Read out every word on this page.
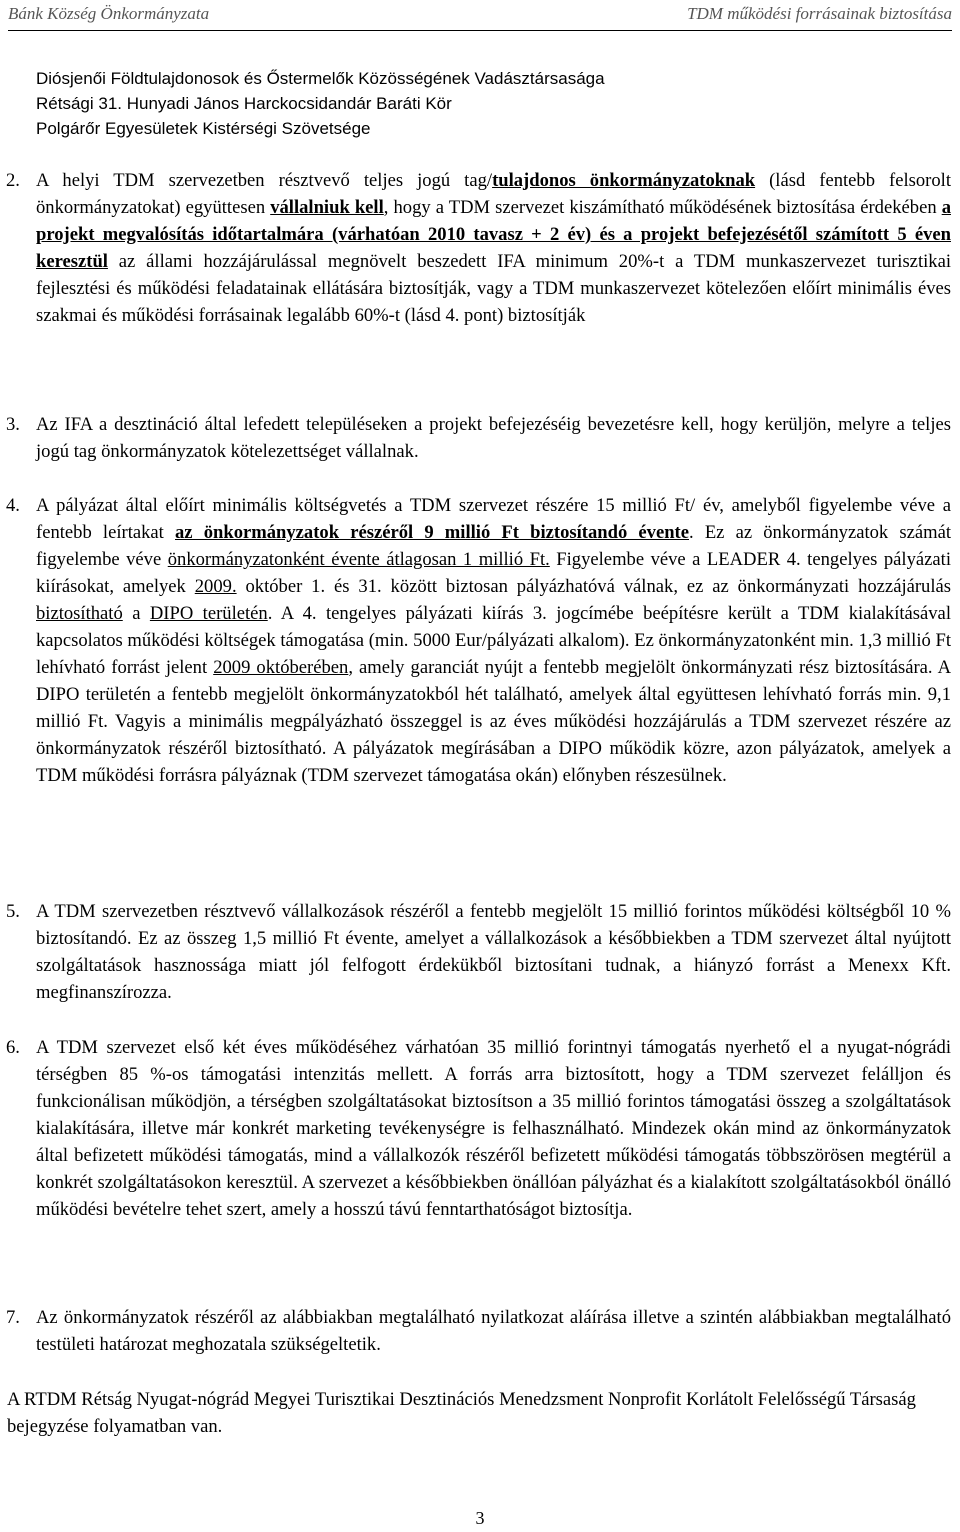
Bánk Község Önkormányzata	TDM működési forrásainak biztosítása
Diósjenői Földtulajdonosok és Őstermelők Közösségének Vadásztársasága
Rétsági 31. Hunyadi János Harckocsidandár Baráti Kör
Polgárőr Egyesületek Kistérségi Szövetsége
2. A helyi TDM szervezetben résztvevő teljes jogú tag/tulajdonos önkormányzatoknak (lásd fentebb felsorolt önkormányzatokat) együttesen vállalniuk kell, hogy a TDM szervezet kiszámítható működésének biztosítása érdekében a projekt megvalósítás időtartalmára (várhatóan 2010 tavasz + 2 év) és a projekt befejezésétől számított 5 éven keresztül az állami hozzájárulással megnövelt beszedett IFA minimum 20%-t a TDM munkaszervezet turisztikai fejlesztési és működési feladatainak ellátására biztosítják, vagy a TDM munkaszervezet kötelezően előírt minimális éves szakmai és működési forrásainak legalább 60%-t (lásd 4. pont) biztosítják
3. Az IFA a desztináció által lefedett településeken a projekt befejezéséig bevezetésre kell, hogy kerüljön, melyre a teljes jogú tag önkormányzatok kötelezettséget vállalnak.
4. A pályázat által előírt minimális költségvetés a TDM szervezet részére 15 millió Ft/ év, amelyből figyelembe véve a fentebb leírtakat az önkormányzatok részéről 9 millió Ft biztosítandó évente. Ez az önkormányzatok számát figyelembe véve önkormányzatonként évente átlagosan 1 millió Ft. Figyelembe véve a LEADER 4. tengelyes pályázati kiírásokat, amelyek 2009. október 1. és 31. között biztosan pályázhatóvá válnak, ez az önkormányzati hozzájárulás biztosítható a DIPO területén. A 4. tengelyes pályázati kiírás 3. jogcímébe beépítésre került a TDM kialakításával kapcsolatos működési költségek támogatása (min. 5000 Eur/pályázati alkalom). Ez önkormányzatonként min. 1,3 millió Ft lehívható forrást jelent 2009 októberében, amely garanciát nyújt a fentebb megjelölt önkormányzati rész biztosítására. A DIPO területén a fentebb megjelölt önkormányzatokból hét található, amelyek által együttesen lehívható forrás min. 9,1 millió Ft. Vagyis a minimális megpályázható összeggel is az éves működési hozzájárulás a TDM szervezet részére az önkormányzatok részéről biztosítható. A pályázatok megírásában a DIPO működik közre, azon pályázatok, amelyek a TDM működési forrásra pályáznak (TDM szervezet támogatása okán) előnyben részesülnek.
5. A TDM szervezetben résztvevő vállalkozások részéről a fentebb megjelölt 15 millió forintos működési költségből 10 % biztosítandó. Ez az összeg 1,5 millió Ft évente, amelyet a vállalkozások a későbbiekben a TDM szervezet által nyújtott szolgáltatások hasznossága miatt jól felfogott érdekükből biztosítani tudnak, a hiányzó forrást a Menexx Kft. megfinanszírozza.
6. A TDM szervezet első két éves működéséhez várhatóan 35 millió forintnyi támogatás nyerhető el a nyugat-nógrádi térségben 85 %-os támogatási intenzitás mellett. A forrás arra biztosított, hogy a TDM szervezet felálljon és funkcionálisan működjön, a térségben szolgáltatásokat biztosítson a 35 millió forintos támogatási összeg a szolgáltatások kialakítására, illetve már konkrét marketing tevékenységre is felhasználható. Mindezek okán mind az önkormányzatok által befizetett működési támogatás, mind a vállalkozók részéről befizetett működési támogatás többszörösen megtérül a konkrét szolgáltatásokon keresztül. A szervezet a későbbiekben önállóan pályázhat és a kialakított szolgáltatásokból önálló működési bevételre tehet szert, amely a hosszú távú fenntarthatóságot biztosítja.
7. Az önkormányzatok részéről az alábbiakban megtalálható nyilatkozat aláírása illetve a szintén alábbiakban megtalálható testületi határozat meghozatala szükségeltetik.
A RTDM Rétság Nyugat-nógrád Megyei Turisztikai Desztinációs Menedzsment Nonprofit Korlátolt Felelősségű Társaság bejegyzése folyamatban van.
3
